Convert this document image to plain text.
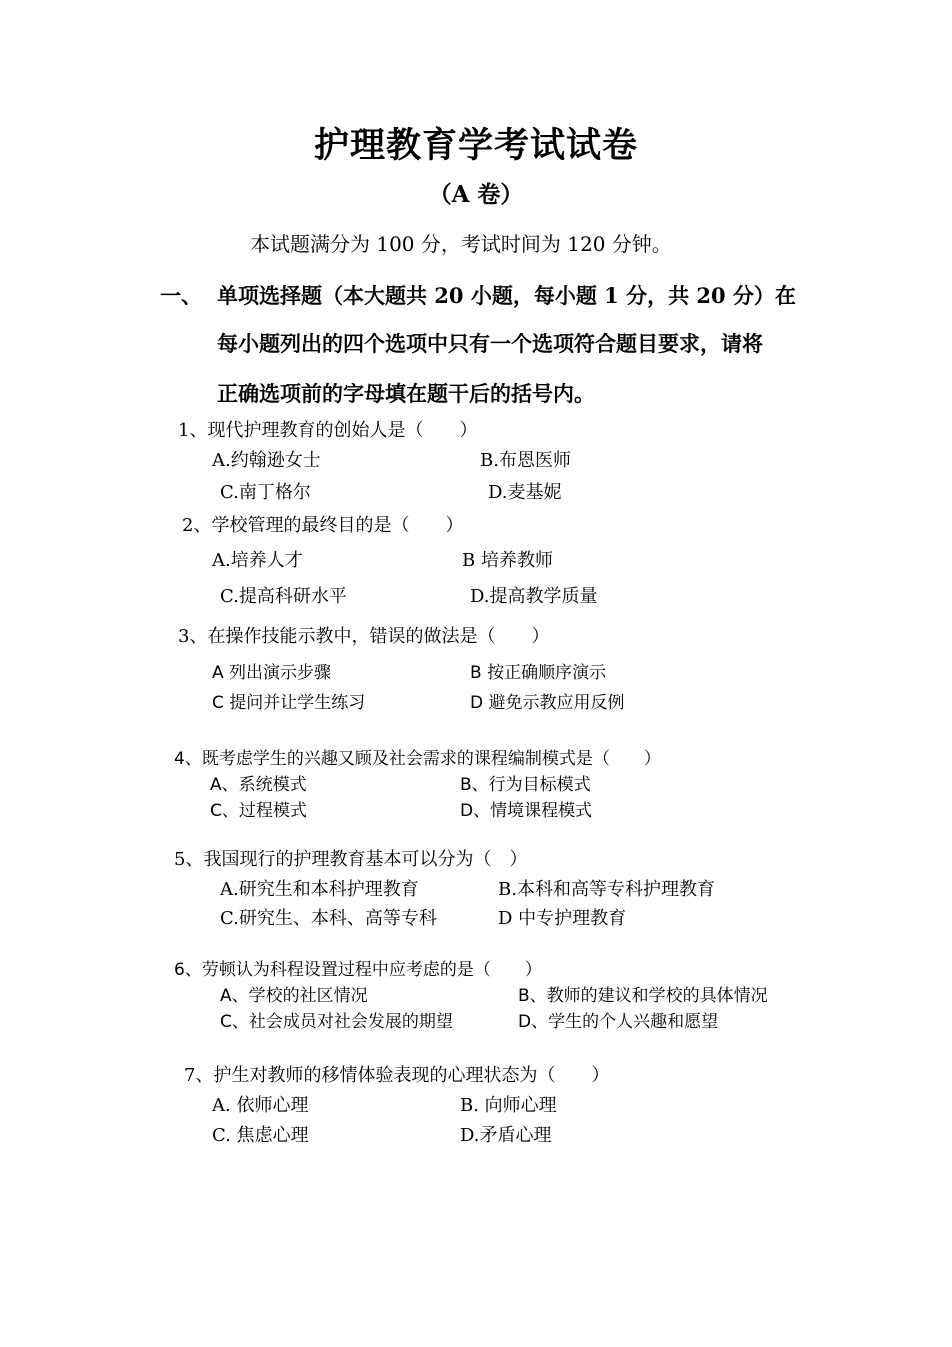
护理教育学考试试卷
（A 卷）
本试题满分为 100 分，考试时间为 120 分钟。
一、 单项选择题（本大题共 20 小题，每小题 1 分，共 20 分）在
每小题列出的四个选项中只有一个选项符合题目要求，请将
正确选项前的字母填在题干后的括号内。
1、现代护理教育的创始人是（　　）
A.约翰逊女士	B.布恩医师
C.南丁格尔	D.麦基妮
2、学校管理的最终目的是（　　）
A.培养人才	B 培养教师
C.提高科研水平	D.提高教学质量
3、在操作技能示教中，错误的做法是（　　）
A 列出演示步骤	B 按正确顺序演示
C 提问并让学生练习	D 避免示教应用反例
4、既考虑学生的兴趣又顾及社会需求的课程编制模式是（　　）
A、系统模式	B、行为目标模式
C、过程模式	D、情境课程模式
5、我国现行的护理教育基本可以分为（　）
A.研究生和本科护理教育	B.本科和高等专科护理教育
C.研究生、本科、高等专科	D 中专护理教育
6、劳顿认为科程设置过程中应考虑的是（　　）
A、学校的社区情况	B、教师的建议和学校的具体情况
C、社会成员对社会发展的期望	D、学生的个人兴趣和愿望
7、护生对教师的移情体验表现的心理状态为（　　）
A. 依师心理	B. 向师心理
C. 焦虑心理	D.矛盾心理
